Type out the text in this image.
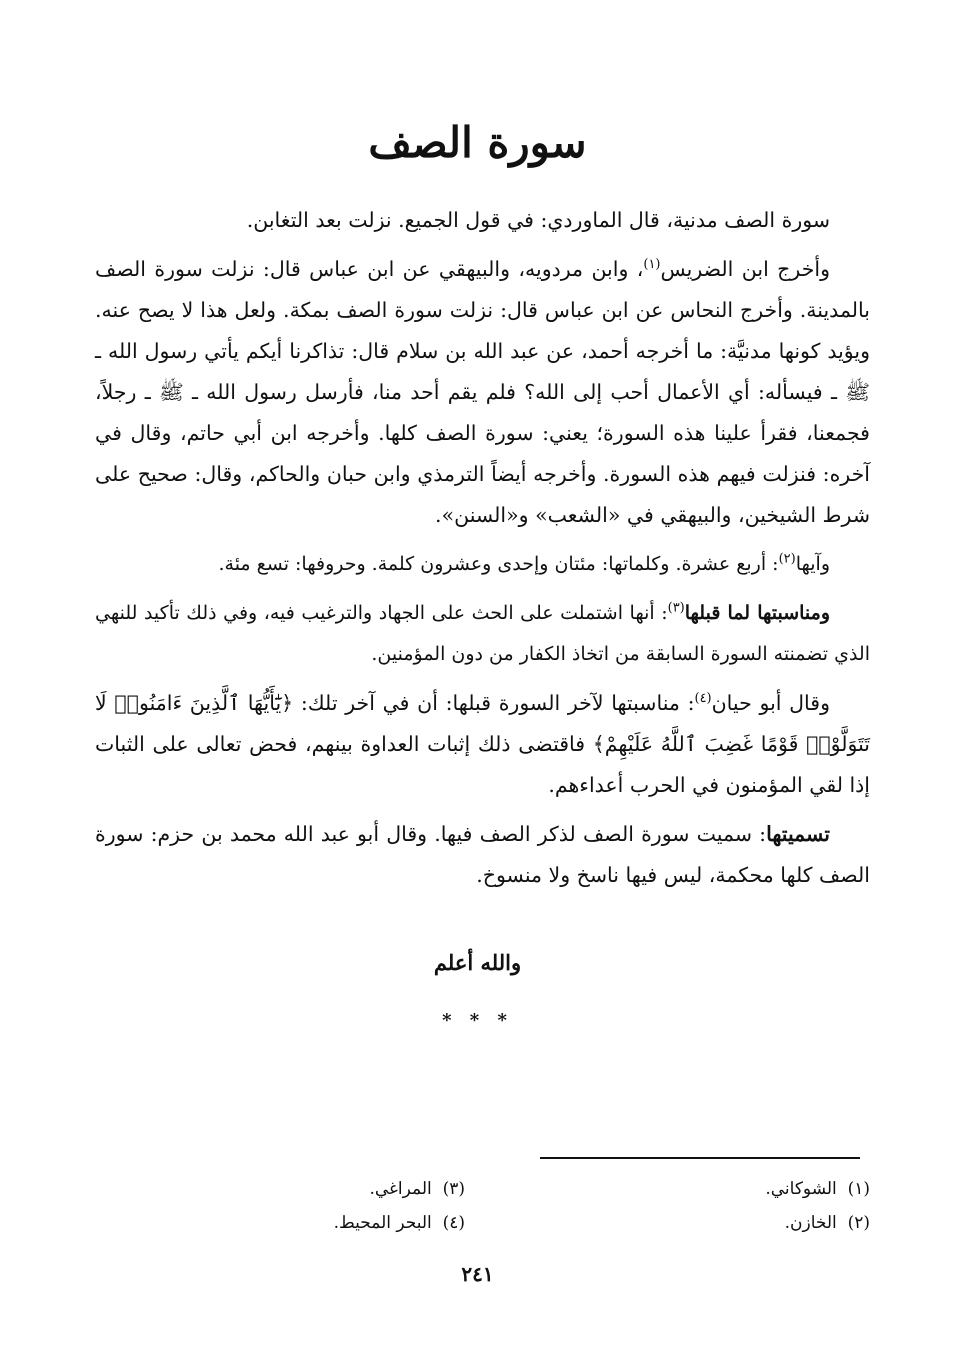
سورة الصف

سورة الصف مدنية، قال الماوردي: في قول الجميع. نزلت بعد التغابن.

وأخرج ابن الضريس$^{(١)}$، وابن مردويه، والبيهقي عن ابن عباس قال: نزلت سورة الصف بالمدينة. وأخرج النحاس عن ابن عباس قال: نزلت سورة الصف بمكة. ولعل هذا لا يصح عنه. ويؤيد كونها مدنيَّة: ما أخرجه أحمد، عن عبد الله بن سلام قال: تذاكرنا أيكم يأتي رسول الله ـ ﷺ ـ فيسأله: أي الأعمال أحب إلى الله؟ فلم يقم أحد منا، فأرسل رسول الله ـ ﷺ ـ رجلاً، فجمعنا، فقرأ علينا هذه السورة؛ يعني: سورة الصف كلها. وأخرجه ابن أبي حاتم، وقال في آخره: فنزلت فيهم هذه السورة. وأخرجه أيضاً الترمذي وابن حبان والحاكم، وقال: صحيح على شرط الشيخين، والبيهقي في «الشعب» و«السنن».

وآيها$^{(٢)}$: أربع عشرة. وكلماتها: مئتان وإحدى وعشرون كلمة. وحروفها: تسع مئة.

ومناسبتها لما قبلها$^{(٣)}$: أنها اشتملت على الحث على الجهاد والترغيب فيه، وفي ذلك تأكيد للنهي الذي تضمنته السورة السابقة من اتخاذ الكفار من دون المؤمنين.

وقال أبو حيان$^{(٤)}$: مناسبتها لآخر السورة قبلها: أن في آخر تلك: ﴿يَٰٓأَيُّهَا ٱلَّذِينَ ءَامَنُوا۟ لَا تَتَوَلَّوْا۟ قَوْمًا غَضِبَ ٱللَّهُ عَلَيْهِمْ﴾ فاقتضى ذلك إثبات العداوة بينهم، فحض تعالى على الثبات إذا لقي المؤمنون في الحرب أعداءهم.

تسميتها: سميت سورة الصف لذكر الصف فيها. وقال أبو عبد الله محمد بن حزم: سورة الصف كلها محكمة، ليس فيها ناسخ ولا منسوخ.

والله أعلم
* * *
(١)  الشوكاني.
(٢)  الخازن.
(٣)  المراغي.
(٤)  البحر المحيط.
٢٤١
